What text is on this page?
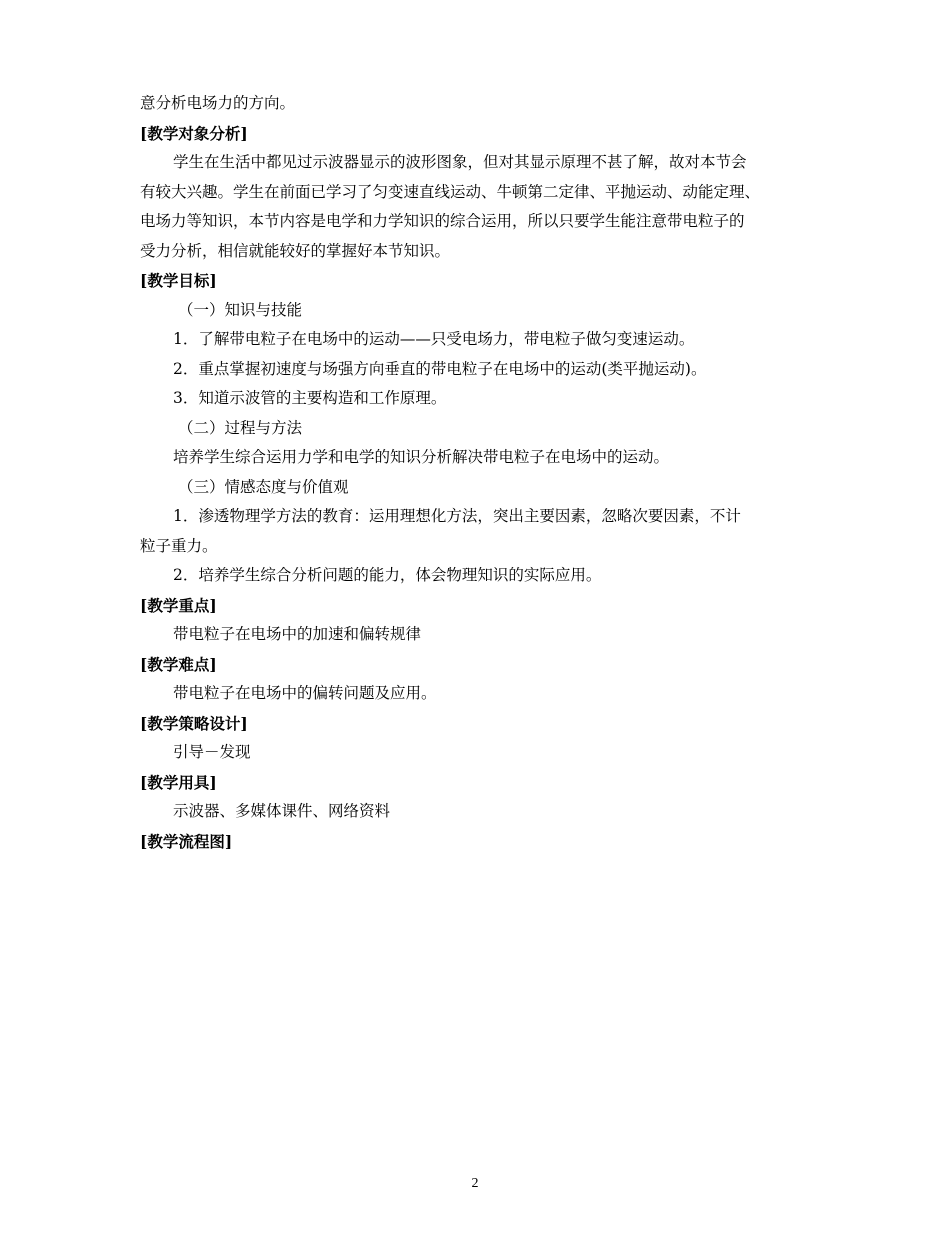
意分析电场力的方向。

[教学对象分析]

学生在生活中都见过示波器显示的波形图象，但对其显示原理不甚了解，故对本节会

有较大兴趣。学生在前面已学习了匀变速直线运动、牛顿第二定律、平抛运动、动能定理、

电场力等知识，本节内容是电学和力学知识的综合运用，所以只要学生能注意带电粒子的

受力分析，相信就能较好的掌握好本节知识。

[教学目标]

（一）知识与技能

1．了解带电粒子在电场中的运动——只受电场力，带电粒子做匀变速运动。

2．重点掌握初速度与场强方向垂直的带电粒子在电场中的运动(类平抛运动)。

3．知道示波管的主要构造和工作原理。

（二）过程与方法

培养学生综合运用力学和电学的知识分析解决带电粒子在电场中的运动。

（三）情感态度与价值观

1．渗透物理学方法的教育：运用理想化方法，突出主要因素，忽略次要因素，不计

粒子重力。

2．培养学生综合分析问题的能力，体会物理知识的实际应用。

[教学重点]

带电粒子在电场中的加速和偏转规律

[教学难点]

带电粒子在电场中的偏转问题及应用。

[教学策略设计]

引导－发现

[教学用具]

示波器、多媒体课件、网络资料

[教学流程图]

2
